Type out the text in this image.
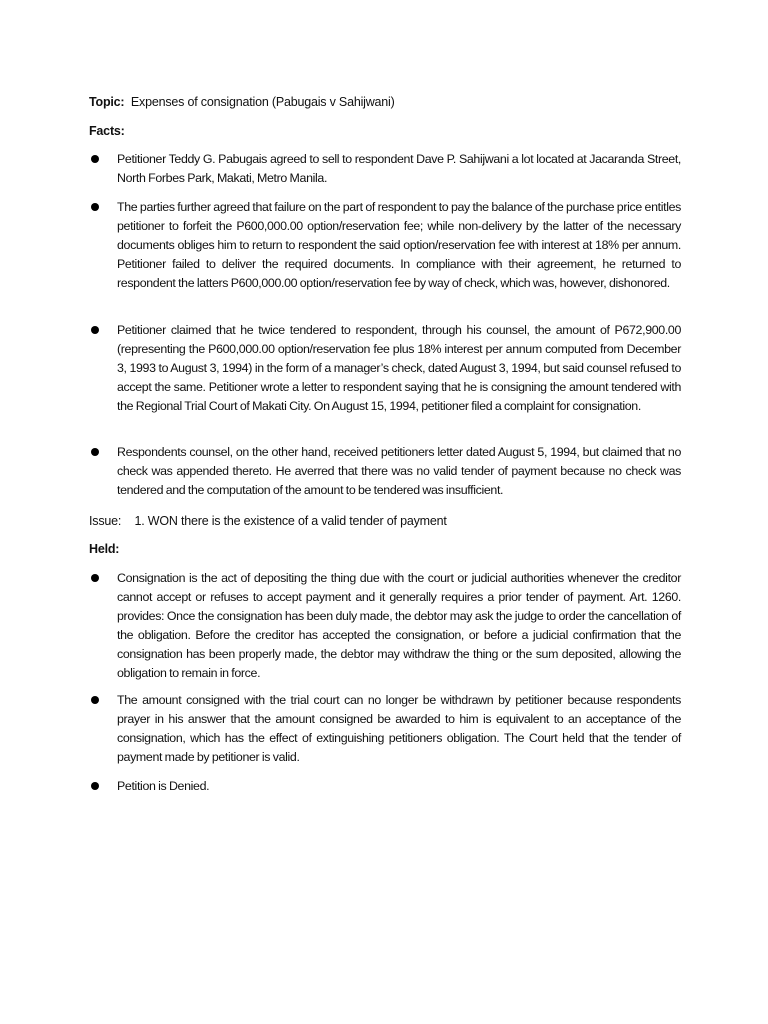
Topic: Expenses of consignation (Pabugais v Sahijwani)
Facts:
Petitioner Teddy G. Pabugais agreed to sell to respondent Dave P. Sahijwani a lot located at Jacaranda Street, North Forbes Park, Makati, Metro Manila.
The parties further agreed that failure on the part of respondent to pay the balance of the purchase price entitles petitioner to forfeit the P600,000.00 option/reservation fee; while non-delivery by the latter of the necessary documents obliges him to return to respondent the said option/reservation fee with interest at 18% per annum. Petitioner failed to deliver the required documents. In compliance with their agreement, he returned to respondent the latters P600,000.00 option/reservation fee by way of check, which was, however, dishonored.
Petitioner claimed that he twice tendered to respondent, through his counsel, the amount of P672,900.00 (representing the P600,000.00 option/reservation fee plus 18% interest per annum computed from December 3, 1993 to August 3, 1994) in the form of a manager’s check, dated August 3, 1994, but said counsel refused to accept the same. Petitioner wrote a letter to respondent saying that he is consigning the amount tendered with the Regional Trial Court of Makati City. On August 15, 1994, petitioner filed a complaint for consignation.
Respondents counsel, on the other hand, received petitioners letter dated August 5, 1994, but claimed that no check was appended thereto. He averred that there was no valid tender of payment because no check was tendered and the computation of the amount to be tendered was insufficient.
Issue: 1. WON there is the existence of a valid tender of payment
Held:
Consignation is the act of depositing the thing due with the court or judicial authorities whenever the creditor cannot accept or refuses to accept payment and it generally requires a prior tender of payment. Art. 1260. provides: Once the consignation has been duly made, the debtor may ask the judge to order the cancellation of the obligation. Before the creditor has accepted the consignation, or before a judicial confirmation that the consignation has been properly made, the debtor may withdraw the thing or the sum deposited, allowing the obligation to remain in force.
The amount consigned with the trial court can no longer be withdrawn by petitioner because respondents prayer in his answer that the amount consigned be awarded to him is equivalent to an acceptance of the consignation, which has the effect of extinguishing petitioners obligation. The Court held that the tender of payment made by petitioner is valid.
Petition is Denied.
